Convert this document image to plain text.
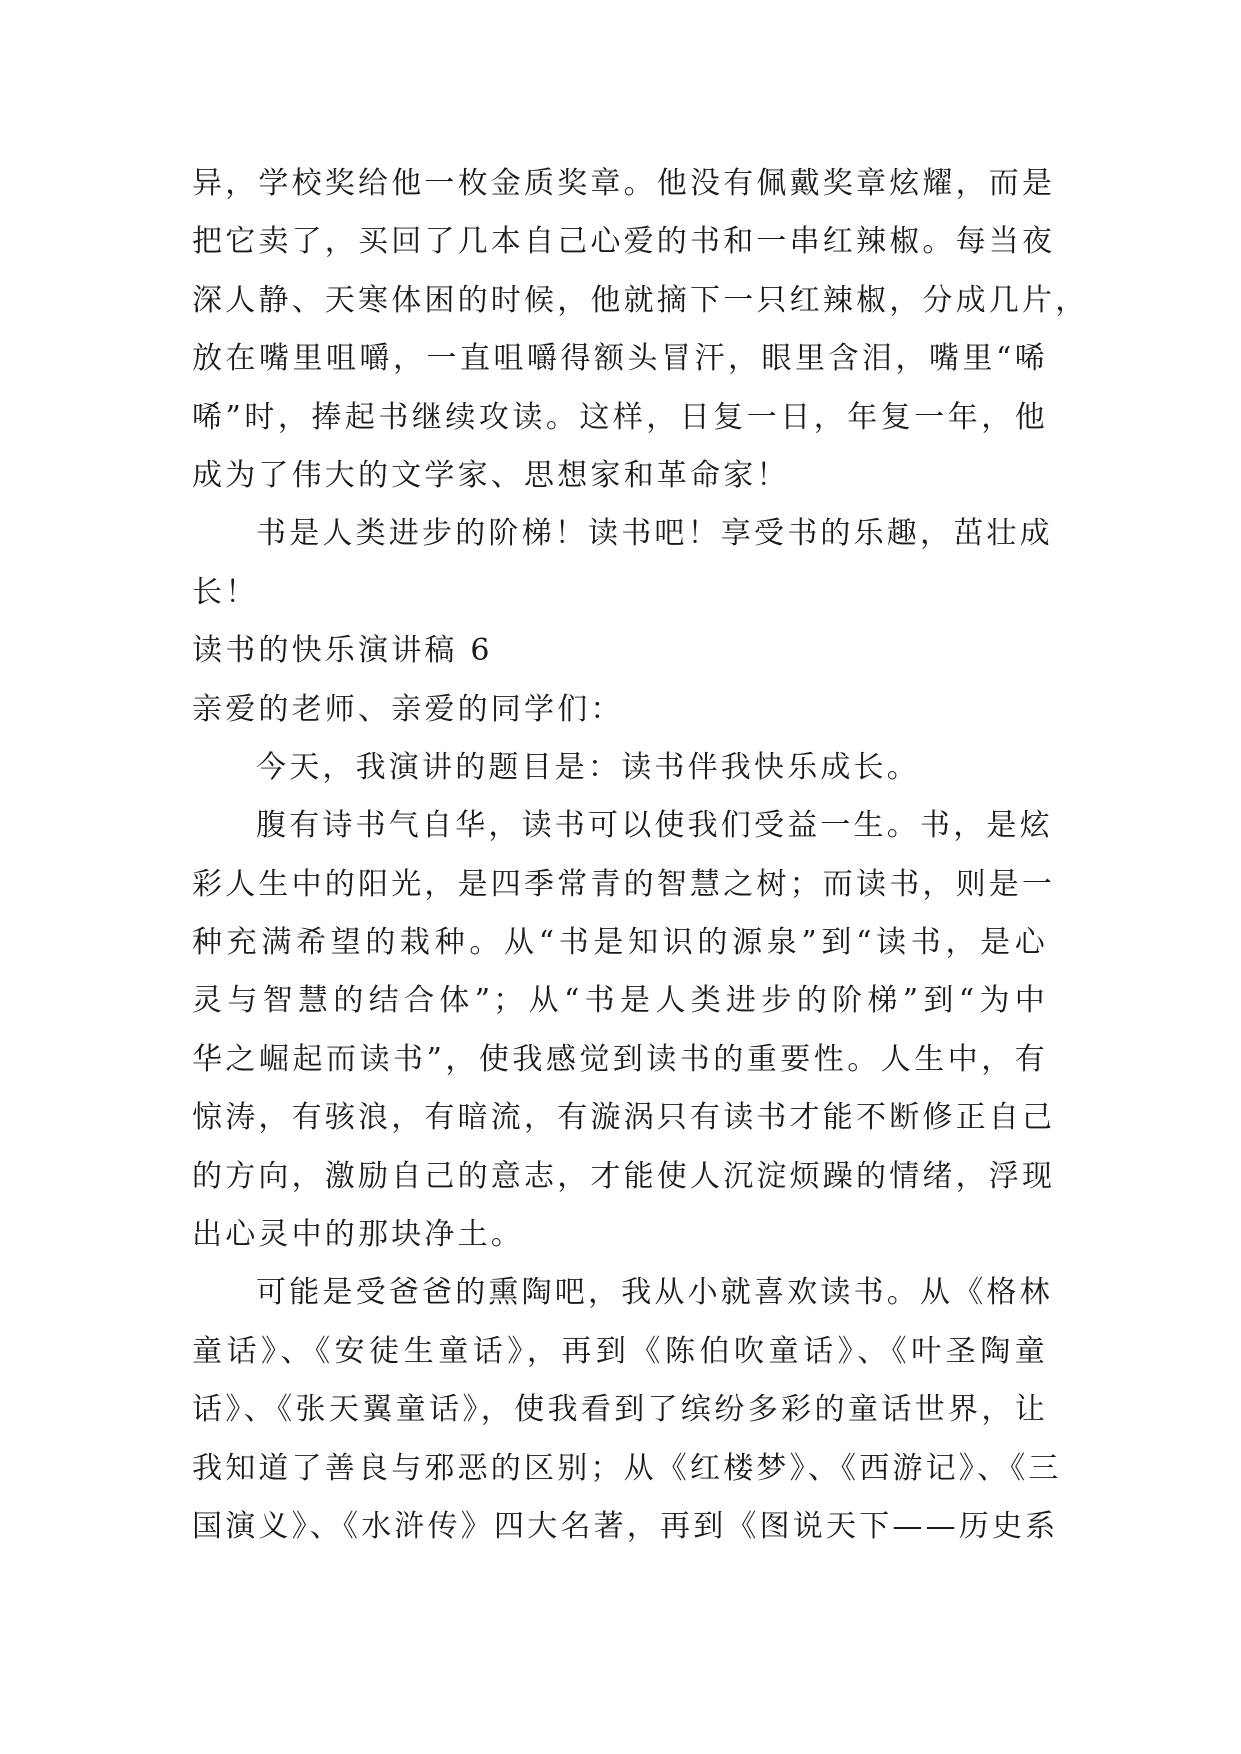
异，学校奖给他一枚金质奖章。他没有佩戴奖章炫耀，而是
把它卖了，买回了几本自己心爱的书和一串红辣椒。每当夜
深人静、天寒体困的时候，他就摘下一只红辣椒，分成几片，
放在嘴里咀嚼，一直咀嚼得额头冒汗，眼里含泪，嘴里“唏
唏”时，捧起书继续攻读。这样，日复一日，年复一年，他
成为了伟大的文学家、思想家和革命家！
书是人类进步的阶梯！读书吧！享受书的乐趣，茁壮成
长！
读书的快乐演讲稿 6
亲爱的老师、亲爱的同学们：
今天，我演讲的题目是：读书伴我快乐成长。
腹有诗书气自华，读书可以使我们受益一生。书，是炫
彩人生中的阳光，是四季常青的智慧之树；而读书，则是一
种充满希望的栽种。从“书是知识的源泉”到“读书，是心
灵与智慧的结合体”；从“书是人类进步的阶梯”到“为中
华之崛起而读书”，使我感觉到读书的重要性。人生中，有
惊涛，有骇浪，有暗流，有漩涡只有读书才能不断修正自己
的方向，激励自己的意志，才能使人沉淀烦躁的情绪，浮现
出心灵中的那块净土。
可能是受爸爸的熏陶吧，我从小就喜欢读书。从《格林
童话》、《安徒生童话》，再到《陈伯吹童话》、《叶圣陶童
话》、《张天翼童话》，使我看到了缤纷多彩的童话世界，让
我知道了善良与邪恶的区别；从《红楼梦》、《西游记》、《三
国演义》、《水浒传》四大名著，再到《图说天下——历史系
